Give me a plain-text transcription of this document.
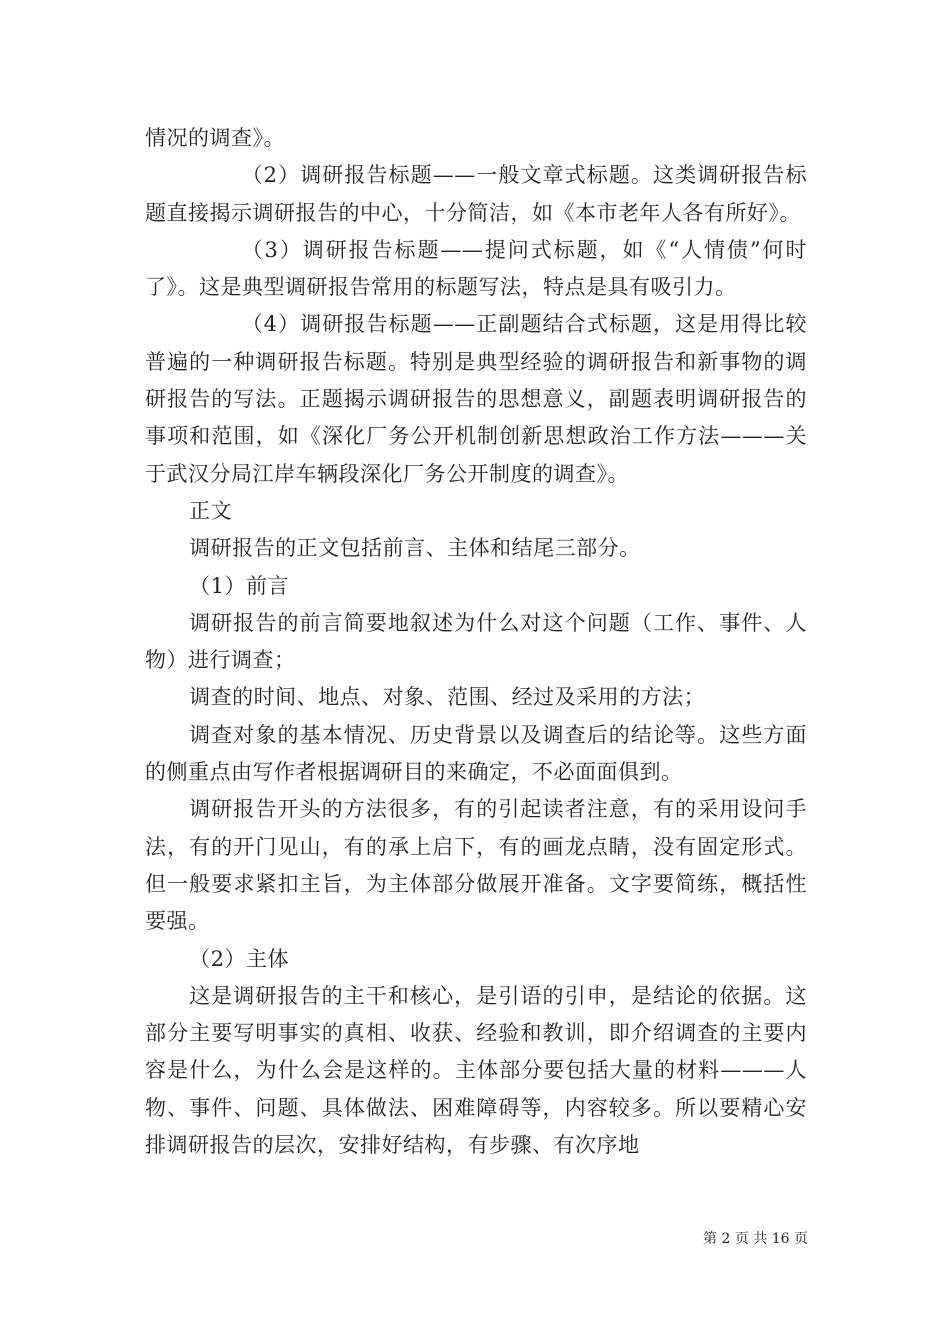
情况的调查》。

（2）调研报告标题——一般文章式标题。这类调研报告标题直接揭示调研报告的中心，十分简洁，如《本市老年人各有所好》。

（3）调研报告标题——提问式标题，如《“人情债”何时了》。这是典型调研报告常用的标题写法，特点是具有吸引力。

（4）调研报告标题——正副题结合式标题，这是用得比较普遍的一种调研报告标题。特别是典型经验的调研报告和新事物的调研报告的写法。正题揭示调研报告的思想意义，副题表明调研报告的事项和范围，如《深化厂务公开机制创新思想政治工作方法———关于武汉分局江岸车辆段深化厂务公开制度的调查》。

正文

调研报告的正文包括前言、主体和结尾三部分。

（1）前言

调研报告的前言简要地叙述为什么对这个问题（工作、事件、人物）进行调查；

调查的时间、地点、对象、范围、经过及采用的方法；

调查对象的基本情况、历史背景以及调查后的结论等。这些方面的侧重点由写作者根据调研目的来确定，不必面面俱到。

调研报告开头的方法很多，有的引起读者注意，有的采用设问手法，有的开门见山，有的承上启下，有的画龙点睛，没有固定形式。但一般要求紧扣主旨，为主体部分做展开准备。文字要简练，概括性要强。

（2）主体

这是调研报告的主干和核心，是引语的引申，是结论的依据。这部分主要写明事实的真相、收获、经验和教训，即介绍调查的主要内容是什么，为什么会是这样的。主体部分要包括大量的材料———人物、事件、问题、具体做法、困难障碍等，内容较多。所以要精心安排调研报告的层次，安排好结构，有步骤、有次序地

第 2 页 共 16 页
